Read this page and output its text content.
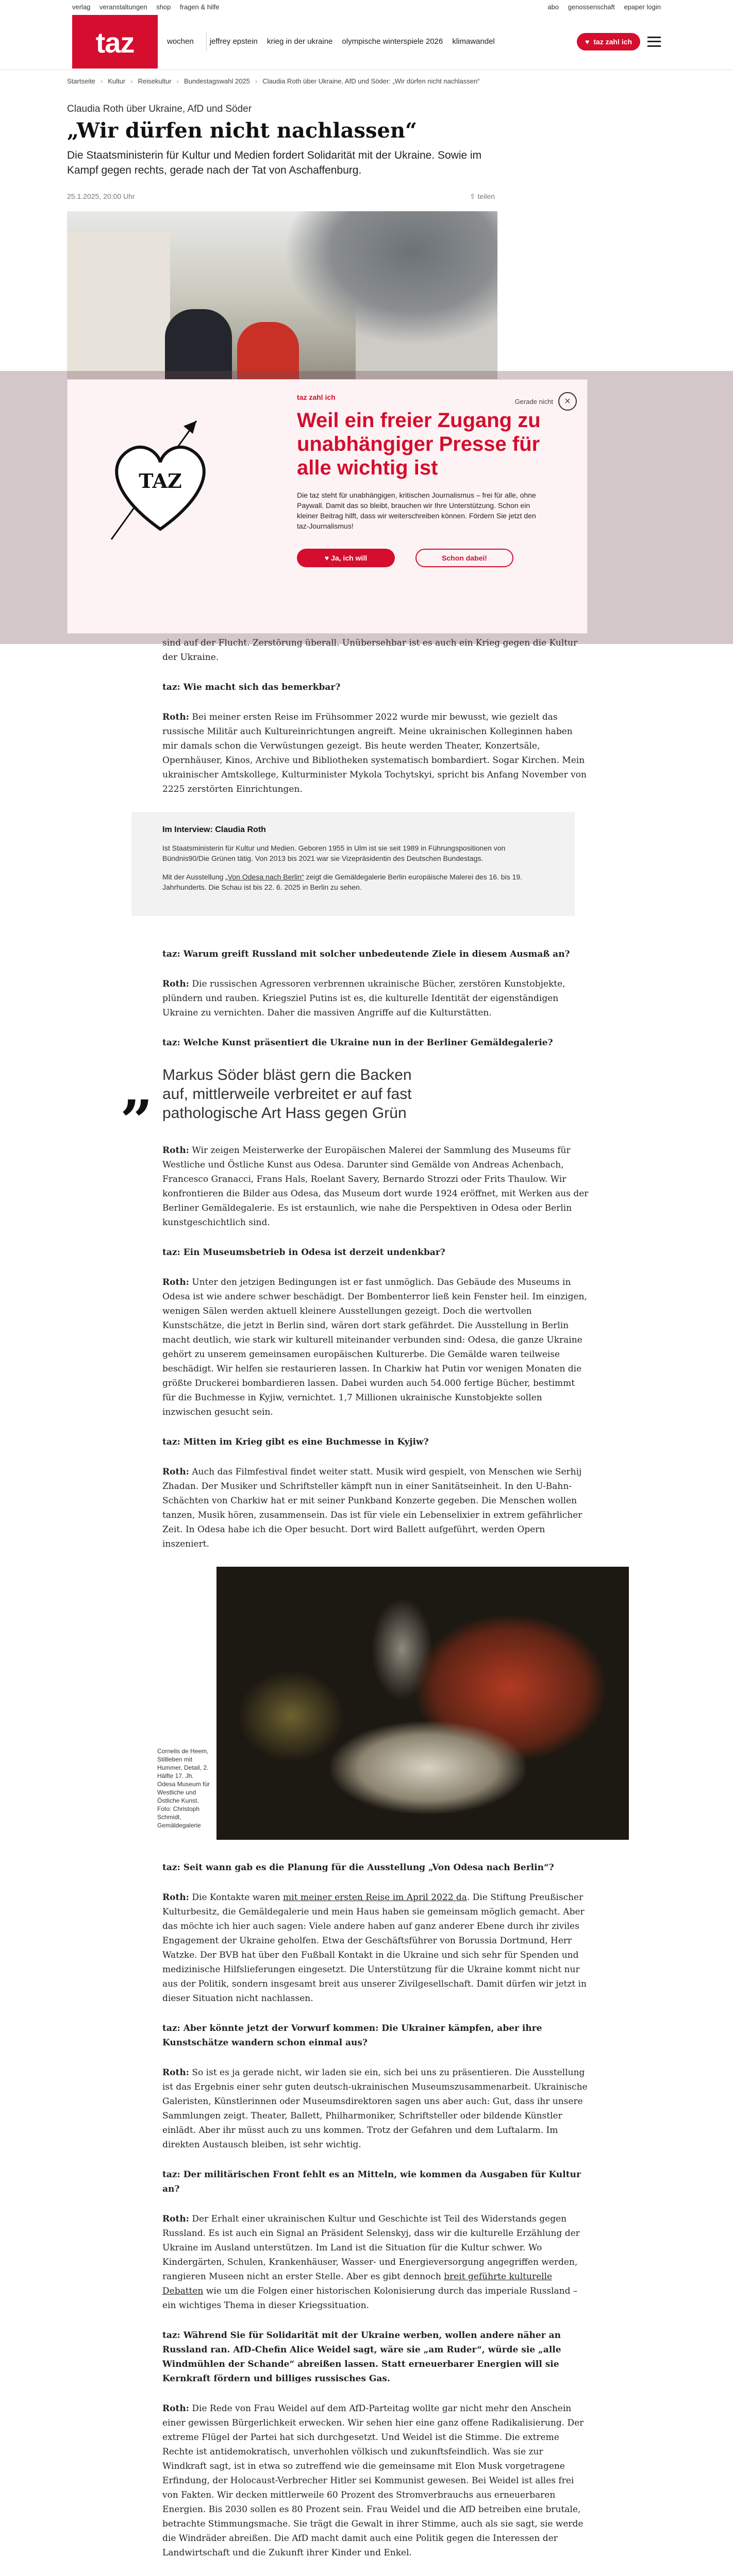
verlag veranstaltungen shop fragen & hilfe	abo genossenschaft epaper login
taz	wochen jeffrey epstein krieg in der ukraine olympische winterspiele 2026 klimawandel	♥ taz zahl ich
Startseite › Kultur › Reisekultur › Bundestagswahl 2025 › Claudia Roth über Ukraine, AfD und Söder: „Wir dürfen nicht nachlassen“
Claudia Roth über Ukraine, AfD und Söder
„Wir dürfen nicht nachlassen“
Die Staatsministerin für Kultur und Medien fordert Solidarität mit der Ukraine. Sowie im Kampf gegen rechts, gerade nach der Tat von Aschaffenburg.
25.1.2025, 20:00 Uhr	⇪ teilen
TAZ
taz zahl ich
Weil ein freier Zugang zu unabhängiger Presse für alle wichtig ist
Die taz steht für unabhängigen, kritischen Journalismus – frei für alle, ohne Paywall. Damit das so bleibt, brauchen wir Ihre Unterstützung. Schon ein kleiner Beitrag hilft, dass wir weiterschreiben können. Fördern Sie jetzt den taz-Journalismus!
♥ Ja, ich will	Schon dabei!
Gerade nicht	×

sind auf der Flucht. Zerstörung überall. Unübersehbar ist es auch ein Krieg gegen die Kultur der Ukraine.

taz: Wie macht sich das bemerkbar?

Roth: Bei meiner ersten Reise im Frühsommer 2022 wurde mir bewusst, wie gezielt das russische Militär auch Kultureinrichtungen angreift. Meine ukrainischen Kolleginnen haben mir damals schon die Verwüstungen gezeigt. Bis heute werden Theater, Konzertsäle, Opernhäuser, Kinos, Archive und Bibliotheken systematisch bombardiert. Sogar Kirchen. Mein ukrainischer Amtskollege, Kulturminister Mykola Tochytskyi, spricht bis Anfang November von 2225 zerstörten Einrichtungen.

Im Interview: Claudia Roth

Ist Staatsministerin für Kultur und Medien. Geboren 1955 in Ulm ist sie seit 1989 in Führungspositionen von Bündnis90/Die Grünen tätig. Von 2013 bis 2021 war sie Vizepräsidentin des Deutschen Bundestags.

Mit der Ausstellung „Von Odesa nach Berlin“ zeigt die Gemäldegalerie Berlin europäische Malerei des 16. bis 19. Jahrhunderts. Die Schau ist bis 22. 6. 2025 in Berlin zu sehen.

taz: Warum greift Russland mit solcher unbedeutende Ziele in diesem Ausmaß an?

Roth: Die russischen Agressoren verbrennen ukrainische Bücher, zerstören Kunstobjekte, plündern und rauben. Kriegsziel Putins ist es, die kulturelle Identität der eigenständigen Ukraine zu vernichten. Daher die massiven Angriffe auf die Kulturstätten.

taz: Welche Kunst präsentiert die Ukraine nun in der Berliner Gemäldegalerie?

„ Markus Söder bläst gern die Backen auf, mittlerweile verbreitet er auf fast pathologische Art Hass gegen Grün

Roth: Wir zeigen Meisterwerke der Europäischen Malerei der Sammlung des Museums für Westliche und Östliche Kunst aus Odesa. Darunter sind Gemälde von Andreas Achenbach, Francesco Granacci, Frans Hals, Roelant Savery, Bernardo Strozzi oder Frits Thaulow. Wir konfrontieren die Bilder aus Odesa, das Museum dort wurde 1924 eröffnet, mit Werken aus der Berliner Gemäldegalerie. Es ist erstaunlich, wie nahe die Perspektiven in Odesa oder Berlin kunstgeschichtlich sind.

taz: Ein Museumsbetrieb in Odesa ist derzeit undenkbar?

Roth: Unter den jetzigen Bedingungen ist er fast unmöglich. Das Gebäude des Museums in Odesa ist wie andere schwer beschädigt. Der Bombenterror ließ kein Fenster heil. Im einzigen, wenigen Sälen werden aktuell kleinere Ausstellungen gezeigt. Doch die wertvollen Kunstschätze, die jetzt in Berlin sind, wären dort stark gefährdet. Die Ausstellung in Berlin macht deutlich, wie stark wir kulturell miteinander verbunden sind: Odesa, die ganze Ukraine gehört zu unserem gemeinsamen europäischen Kulturerbe. Die Gemälde waren teilweise beschädigt. Wir helfen sie restaurieren lassen. In Charkiw hat Putin vor wenigen Monaten die größte Druckerei bombardieren lassen. Dabei wurden auch 54.000 fertige Bücher, bestimmt für die Buchmesse in Kyjiw, vernichtet. 1,7 Millionen ukrainische Kunstobjekte sollen inzwischen gesucht sein.

taz: Mitten im Krieg gibt es eine Buchmesse in Kyjiw?

Roth: Auch das Filmfestival findet weiter statt. Musik wird gespielt, von Menschen wie Serhij Zhadan. Der Musiker und Schriftsteller kämpft nun in einer Sanitätseinheit. In den U-Bahn-Schächten von Charkiw hat er mit seiner Punkband Konzerte gegeben. Die Menschen wollen tanzen, Musik hören, zusammensein. Das ist für viele ein Lebenselixier in extrem gefährlicher Zeit. In Odesa habe ich die Oper besucht. Dort wird Ballett aufgeführt, werden Opern inszeniert.

Cornelis de Heem, Stillleben mit Hummer, Detail, 2. Hälfte 17. Jh. Odesa Museum für Westliche und Östliche Kunst. Foto: Christoph Schmidt, Gemäldegalerie

taz: Seit wann gab es die Planung für die Ausstellung „Von Odesa nach Berlin“?

Roth: Die Kontakte waren mit meiner ersten Reise im April 2022 da. Die Stiftung Preußischer Kulturbesitz, die Gemäldegalerie und mein Haus haben sie gemeinsam möglich gemacht. Aber das möchte ich hier auch sagen: Viele andere haben auf ganz anderer Ebene durch ihr ziviles Engagement der Ukraine geholfen. Etwa der Geschäftsführer von Borussia Dortmund, Herr Watzke. Der BVB hat über den Fußball Kontakt in die Ukraine und sich sehr für Spenden und medizinische Hilfslieferungen eingesetzt. Die Unterstützung für die Ukraine kommt nicht nur aus der Politik, sondern insgesamt breit aus unserer Zivilgesellschaft. Damit dürfen wir jetzt in dieser Situation nicht nachlassen.

taz: Aber könnte jetzt der Vorwurf kommen: Die Ukrainer kämpfen, aber ihre Kunstschätze wandern schon einmal aus?

Roth: So ist es ja gerade nicht, wir laden sie ein, sich bei uns zu präsentieren. Die Ausstellung ist das Ergebnis einer sehr guten deutsch-ukrainischen Museumszusammenarbeit. Ukrainische Galeristen, Künstlerinnen oder Museumsdirektoren sagen uns aber auch: Gut, dass ihr unsere Sammlungen zeigt. Theater, Ballett, Philharmoniker, Schriftsteller oder bildende Künstler einlädt. Aber ihr müsst auch zu uns kommen. Trotz der Gefahren und dem Luftalarm. Im direkten Austausch bleiben, ist sehr wichtig.

taz: Der militärischen Front fehlt es an Mitteln, wie kommen da Ausgaben für Kultur an?

Roth: Der Erhalt einer ukrainischen Kultur und Geschichte ist Teil des Widerstands gegen Russland. Es ist auch ein Signal an Präsident Selenskyj, dass wir die kulturelle Erzählung der Ukraine im Ausland unterstützen. Im Land ist die Situation für die Kultur schwer. Wo Kindergärten, Schulen, Krankenhäuser, Wasser- und Energieversorgung angegriffen werden, rangieren Museen nicht an erster Stelle. Aber es gibt dennoch breit geführte kulturelle Debatten wie um die Folgen einer historischen Kolonisierung durch das imperiale Russland – ein wichtiges Thema in dieser Kriegssituation.

taz: Während Sie für Solidarität mit der Ukraine werben, wollen andere näher an Russland ran. AfD-Chefin Alice Weidel sagt, wäre sie „am Ruder“, würde sie „alle Windmühlen der Schande“ abreißen lassen. Statt erneuerbarer Energien will sie Kernkraft fördern und billiges russisches Gas.

Roth: Die Rede von Frau Weidel auf dem AfD-Parteitag wollte gar nicht mehr den Anschein einer gewissen Bürgerlichkeit erwecken. Wir sehen hier eine ganz offene Radikalisierung. Der extreme Flügel der Partei hat sich durchgesetzt. Und Weidel ist die Stimme. Die extreme Rechte ist antidemokratisch, unverhohlen völkisch und zukunftsfeindlich. Was sie zur Windkraft sagt, ist in etwa so zutreffend wie die gemeinsame mit Elon Musk vorgetragene Erfindung, der Holocaust-Verbrecher Hitler sei Kommunist gewesen. Bei Weidel ist alles frei von Fakten. Wir decken mittlerweile 60 Prozent des Stromverbrauchs aus erneuerbaren Energien. Bis 2030 sollen es 80 Prozent sein. Frau Weidel und die AfD betreiben eine brutale, betrachte Stimmungsmache. Sie trägt die Gewalt in ihrer Stimme, auch als sie sagt, sie werde die Windräder abreißen. Die AfD macht damit auch eine Politik gegen die Interessen der Landwirtschaft und die Zukunft ihrer Kinder und Enkel.
